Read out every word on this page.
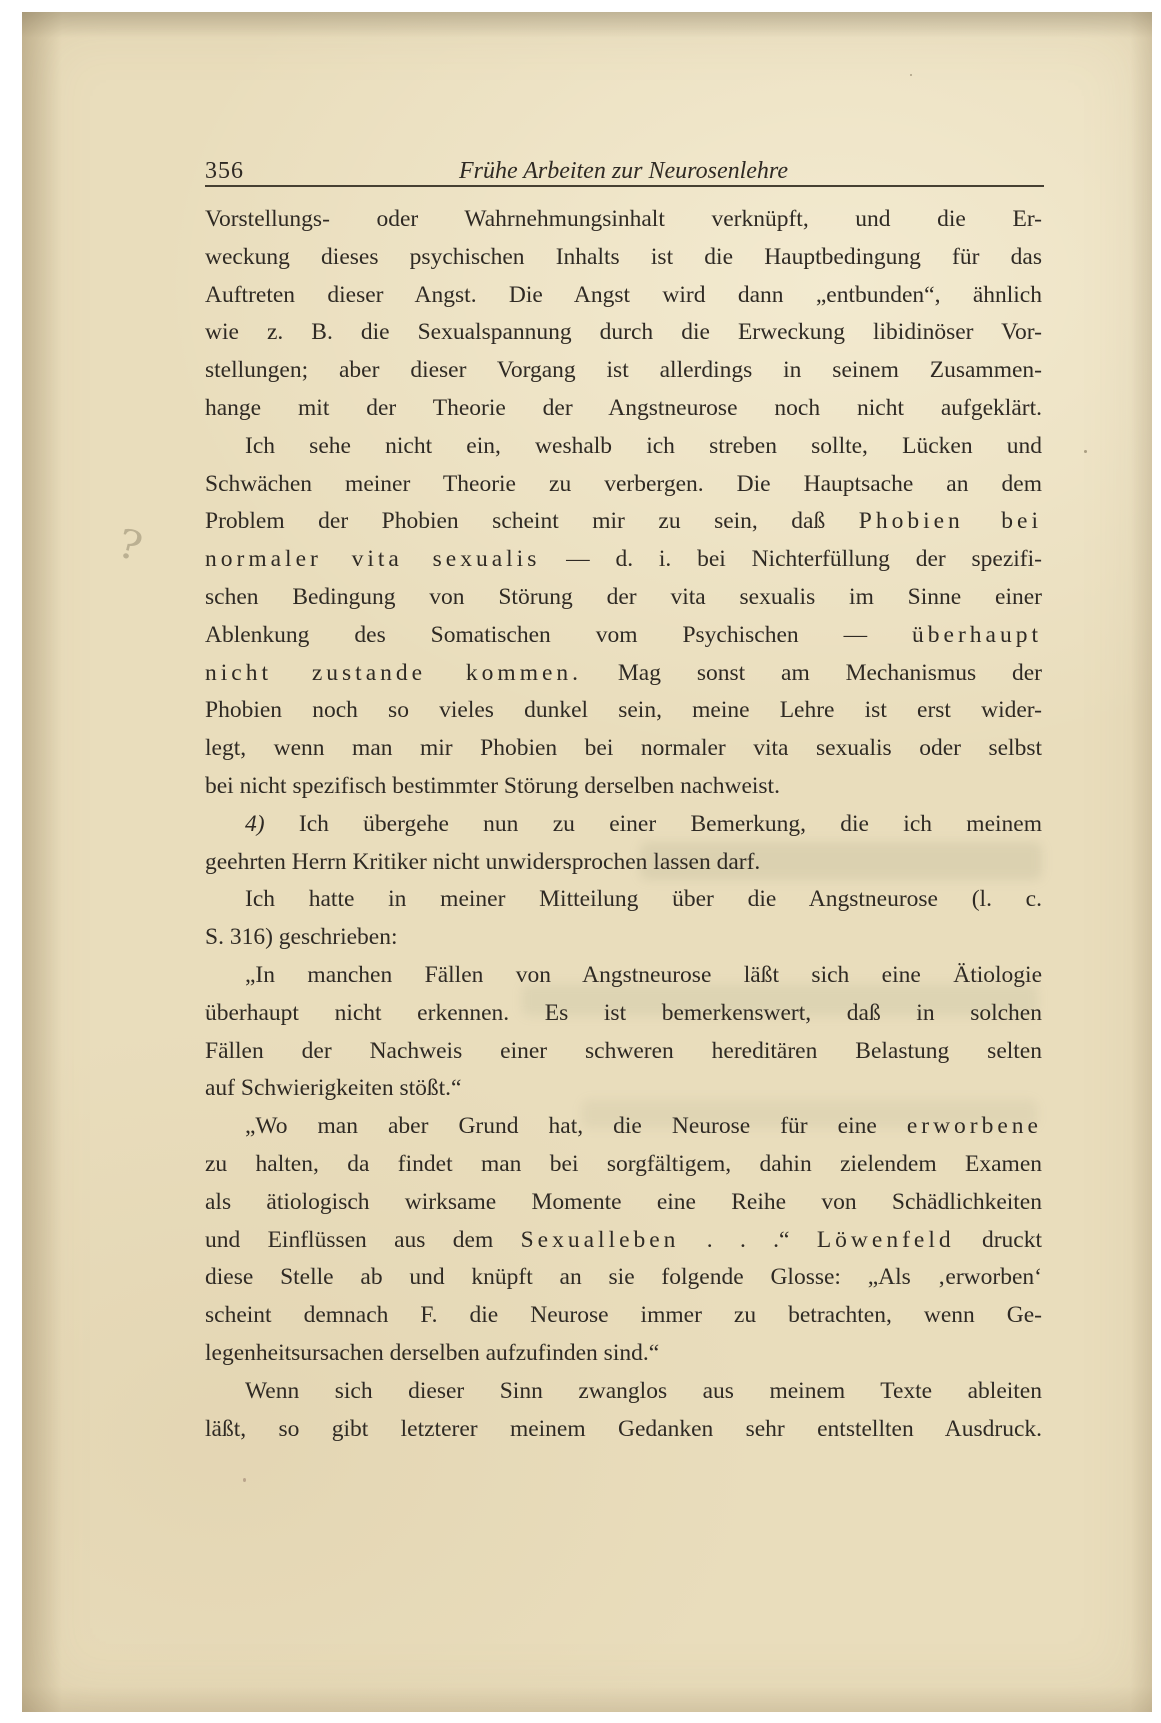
356	Frühe Arbeiten zur Neurosenlehre
?
Vorstellungs- oder Wahrnehmungsinhalt verknüpft, und die Er-
weckung dieses psychischen Inhalts ist die Hauptbedingung für das
Auftreten dieser Angst. Die Angst wird dann „entbunden“, ähnlich
wie z. B. die Sexualspannung durch die Erweckung libidinöser Vor-
stellungen; aber dieser Vorgang ist allerdings in seinem Zusammen-
hange mit der Theorie der Angstneurose noch nicht aufgeklärt.
Ich sehe nicht ein, weshalb ich streben sollte, Lücken und
Schwächen meiner Theorie zu verbergen. Die Hauptsache an dem
Problem der Phobien scheint mir zu sein, daß Phobien bei
normaler vita sexualis — d. i. bei Nichterfüllung der spezifi-
schen Bedingung von Störung der vita sexualis im Sinne einer
Ablenkung des Somatischen vom Psychischen — überhaupt
nicht zustande kommen. Mag sonst am Mechanismus der
Phobien noch so vieles dunkel sein, meine Lehre ist erst wider-
legt, wenn man mir Phobien bei normaler vita sexualis oder selbst
bei nicht spezifisch bestimmter Störung derselben nachweist.
4) Ich übergehe nun zu einer Bemerkung, die ich meinem
geehrten Herrn Kritiker nicht unwidersprochen lassen darf.
Ich hatte in meiner Mitteilung über die Angstneurose (l. c.
S. 316) geschrieben:
„In manchen Fällen von Angstneurose läßt sich eine Ätiologie
überhaupt nicht erkennen. Es ist bemerkenswert, daß in solchen
Fällen der Nachweis einer schweren hereditären Belastung selten
auf Schwierigkeiten stößt.“
„Wo man aber Grund hat, die Neurose für eine erworbene
zu halten, da findet man bei sorgfältigem, dahin zielendem Examen
als ätiologisch wirksame Momente eine Reihe von Schädlichkeiten
und Einflüssen aus dem Sexualleben . . .“ Löwenfeld druckt
diese Stelle ab und knüpft an sie folgende Glosse: „Als ‚erworben‘
scheint demnach F. die Neurose immer zu betrachten, wenn Ge-
legenheitsursachen derselben aufzufinden sind.“
Wenn sich dieser Sinn zwanglos aus meinem Texte ableiten
läßt, so gibt letzterer meinem Gedanken sehr entstellten Ausdruck.
